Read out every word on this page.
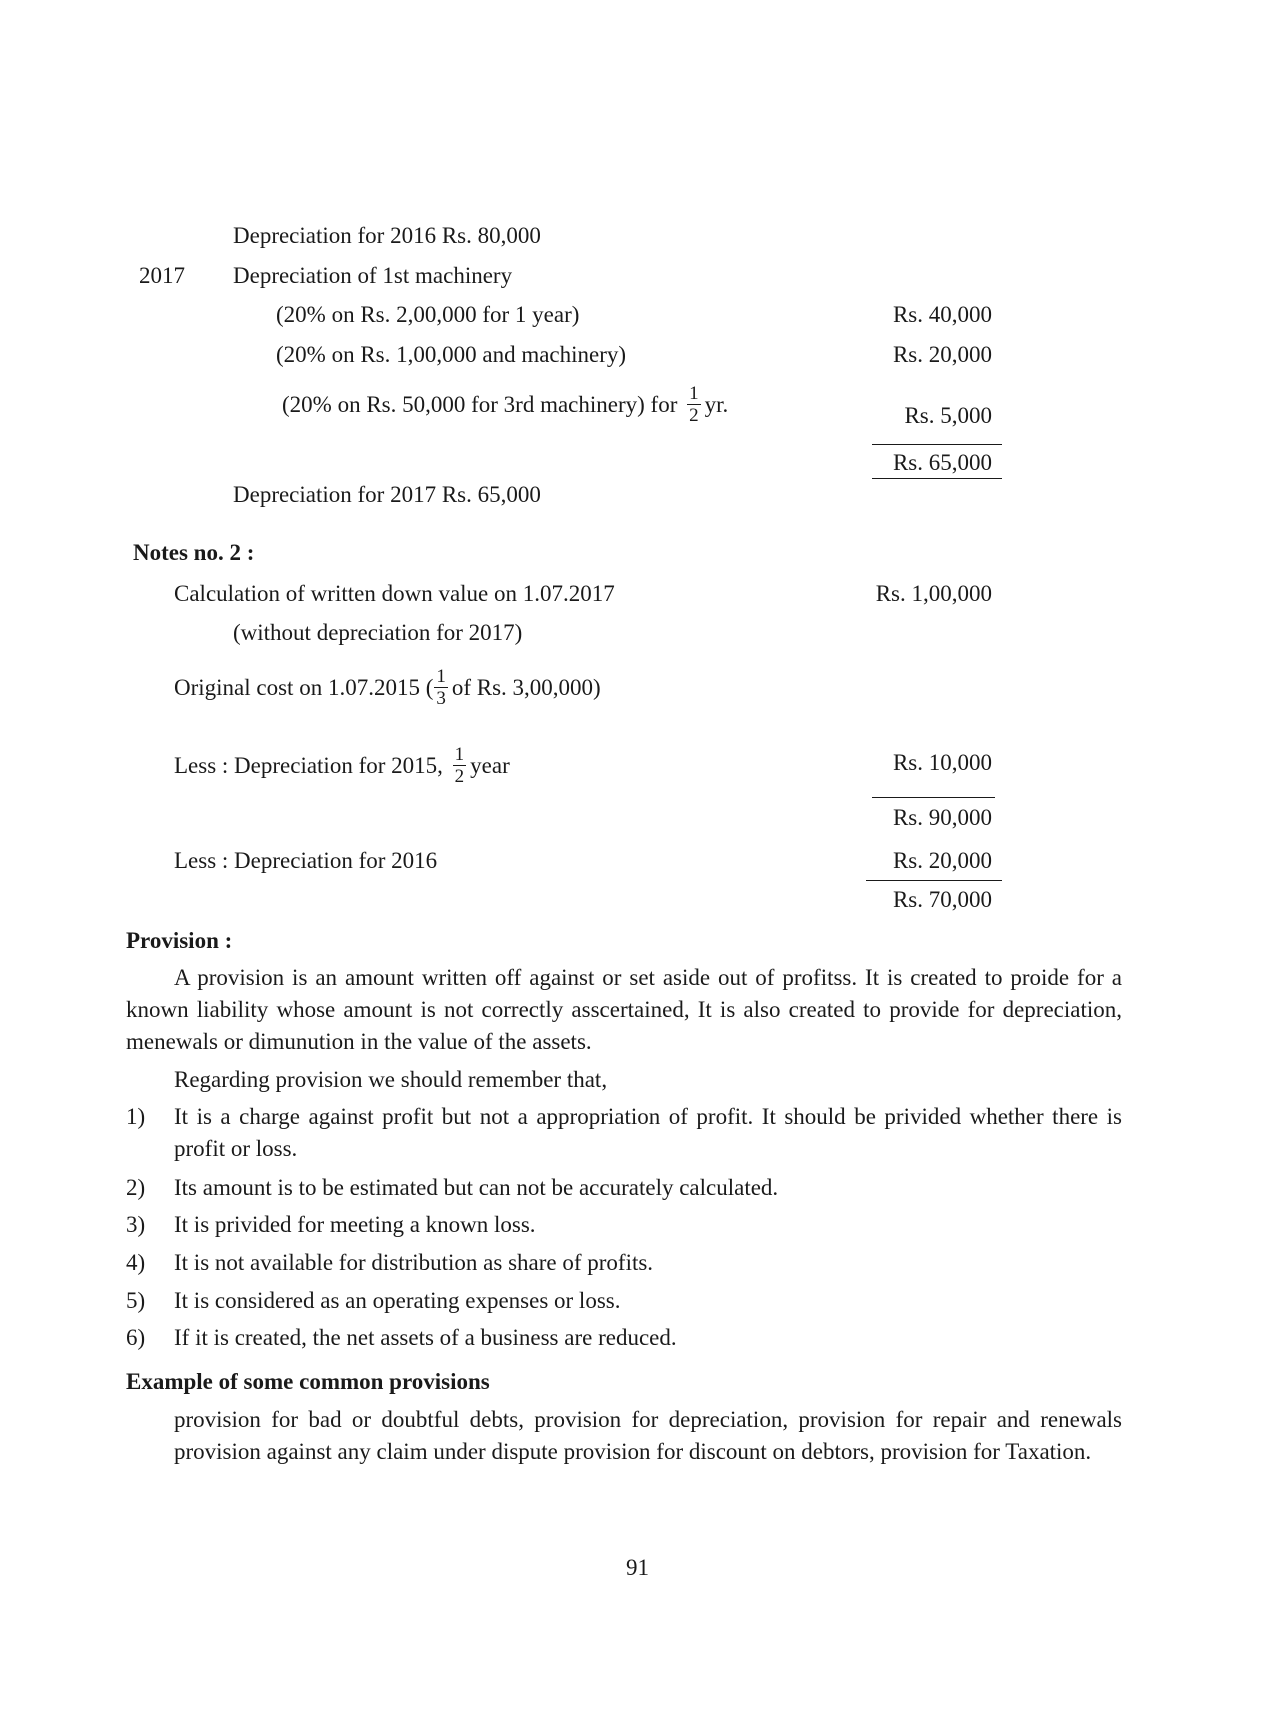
Depreciation for 2016 Rs. 80,000
2017 Depreciation of 1st machinery
(20% on Rs. 2,00,000 for 1 year)	Rs. 40,000
(20% on Rs. 1,00,000 and machinery)	Rs. 20,000
(20% on Rs. 50,000 for 3rd machinery) for $\frac{1}{2}$ yr.	Rs. 5,000
Rs. 65,000
Depreciation for 2017 Rs. 65,000
Notes no. 2 :
Calculation of written down value on 1.07.2017	Rs. 1,00,000
(without depreciation for 2017)
Original cost on 1.07.2015 ( $\frac{1}{3}$ of Rs. 3,00,000)
Less : Depreciation for 2015, $\frac{1}{2}$ year	Rs. 10,000
Rs. 90,000
Less : Depreciation for 2016	Rs. 20,000
Rs. 70,000
Provision :
A provision is an amount written off against or set aside out of profitss. It is created to proide for a known liability whose amount is not correctly asscertained, It is also created to provide for depreciation, menewals or dimunution in the value of the assets.
Regarding provision we should remember that,
1) It is a charge against profit but not a appropriation of profit. It should be privided whether there is profit or loss.
2) Its amount is to be estimated but can not be accurately calculated.
3) It is privided for meeting a known loss.
4) It is not available for distribution as share of profits.
5) It is considered as an operating expenses or loss.
6) If it is created, the net assets of a business are reduced.
Example of some common provisions
provision for bad or doubtful debts, provision for depreciation, provision for repair and renewals provision against any claim under dispute provision for discount on debtors, provision for Taxation.
91
